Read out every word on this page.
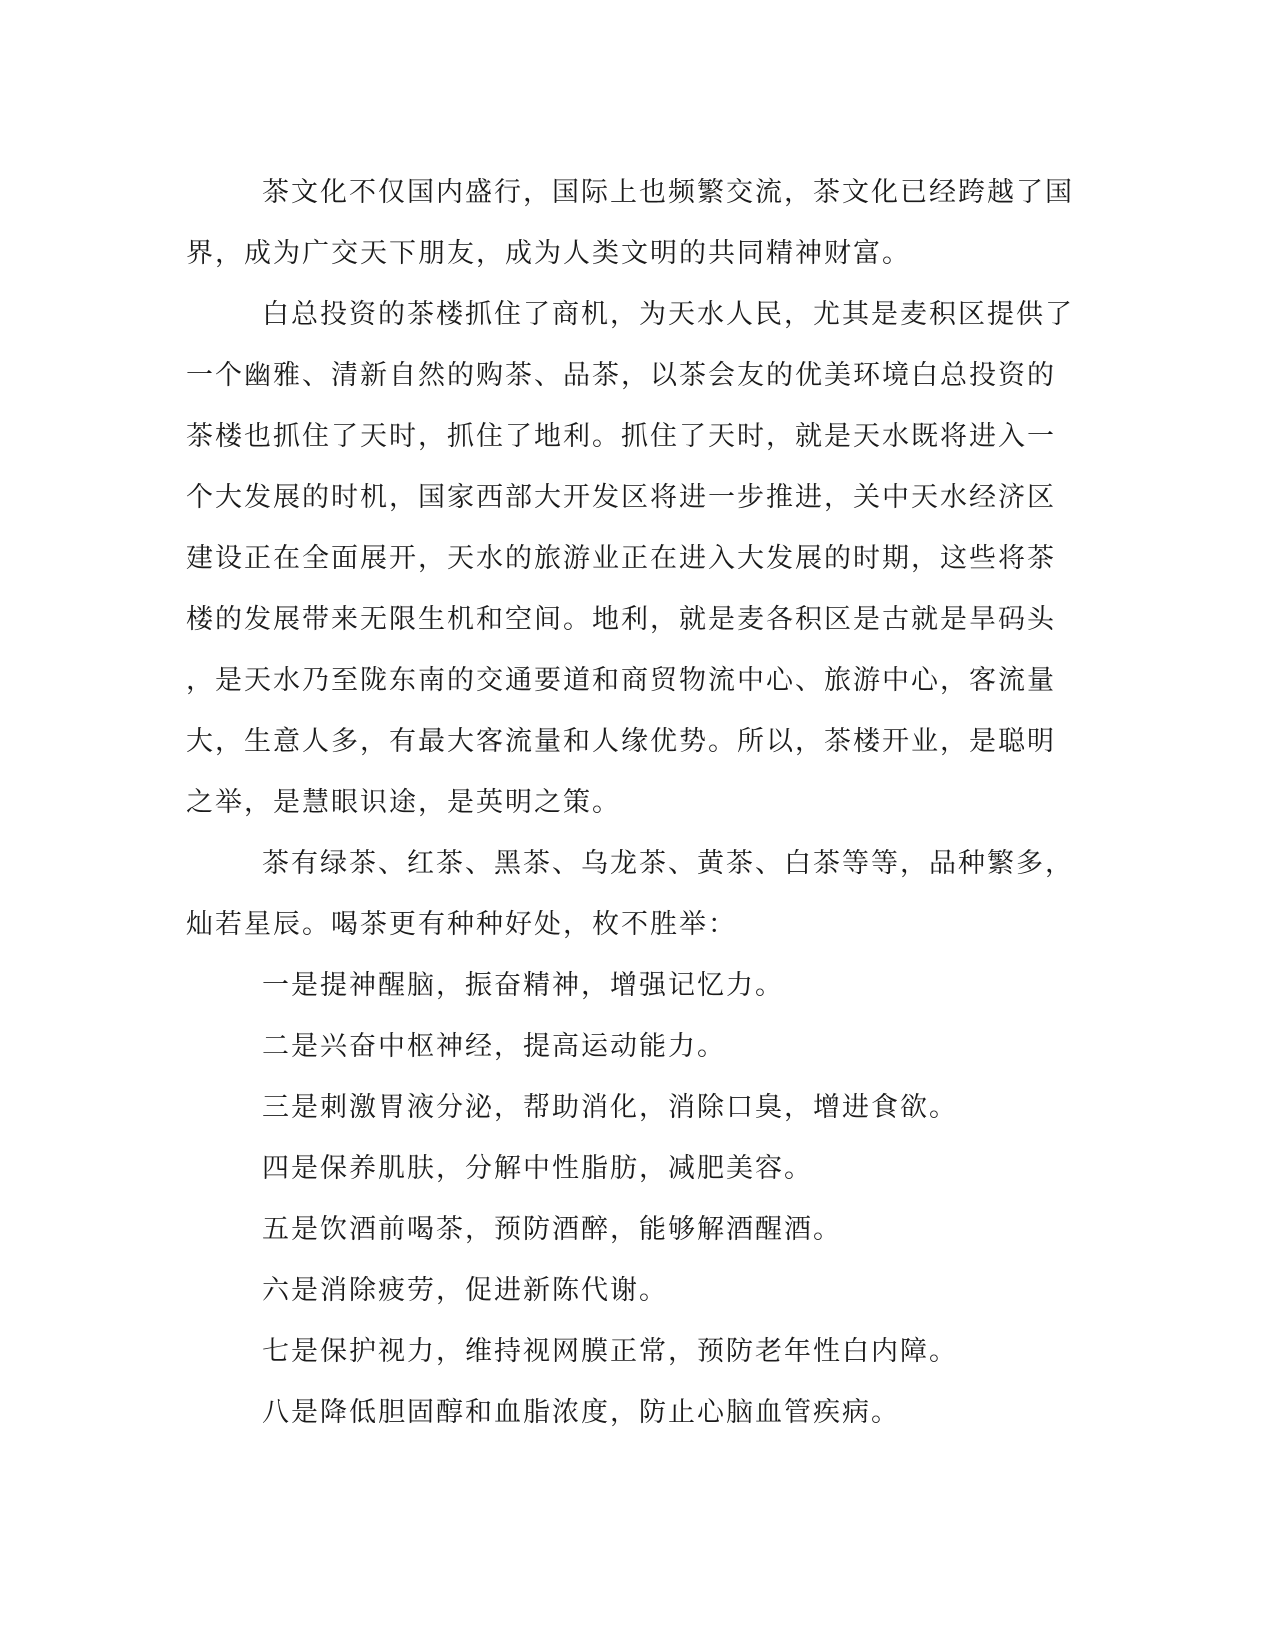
茶文化不仅国内盛行，国际上也频繁交流，茶文化已经跨越了国
界，成为广交天下朋友，成为人类文明的共同精神财富。
白总投资的茶楼抓住了商机，为天水人民，尤其是麦积区提供了
一个幽雅、清新自然的购茶、品茶，以茶会友的优美环境白总投资的
茶楼也抓住了天时，抓住了地利。抓住了天时，就是天水既将进入一
个大发展的时机，国家西部大开发区将进一步推进，关中天水经济区
建设正在全面展开，天水的旅游业正在进入大发展的时期，这些将茶
楼的发展带来无限生机和空间。地利，就是麦各积区是古就是旱码头
，是天水乃至陇东南的交通要道和商贸物流中心、旅游中心，客流量
大，生意人多，有最大客流量和人缘优势。所以，茶楼开业，是聪明
之举，是慧眼识途，是英明之策。
茶有绿茶、红茶、黑茶、乌龙茶、黄茶、白茶等等，品种繁多，
灿若星辰。喝茶更有种种好处，枚不胜举：
一是提神醒脑，振奋精神，增强记忆力。
二是兴奋中枢神经，提高运动能力。
三是刺激胃液分泌，帮助消化，消除口臭，增进食欲。
四是保养肌肤，分解中性脂肪，减肥美容。
五是饮酒前喝茶，预防酒醉，能够解酒醒酒。
六是消除疲劳，促进新陈代谢。
七是保护视力，维持视网膜正常，预防老年性白内障。
八是降低胆固醇和血脂浓度，防止心脑血管疾病。
